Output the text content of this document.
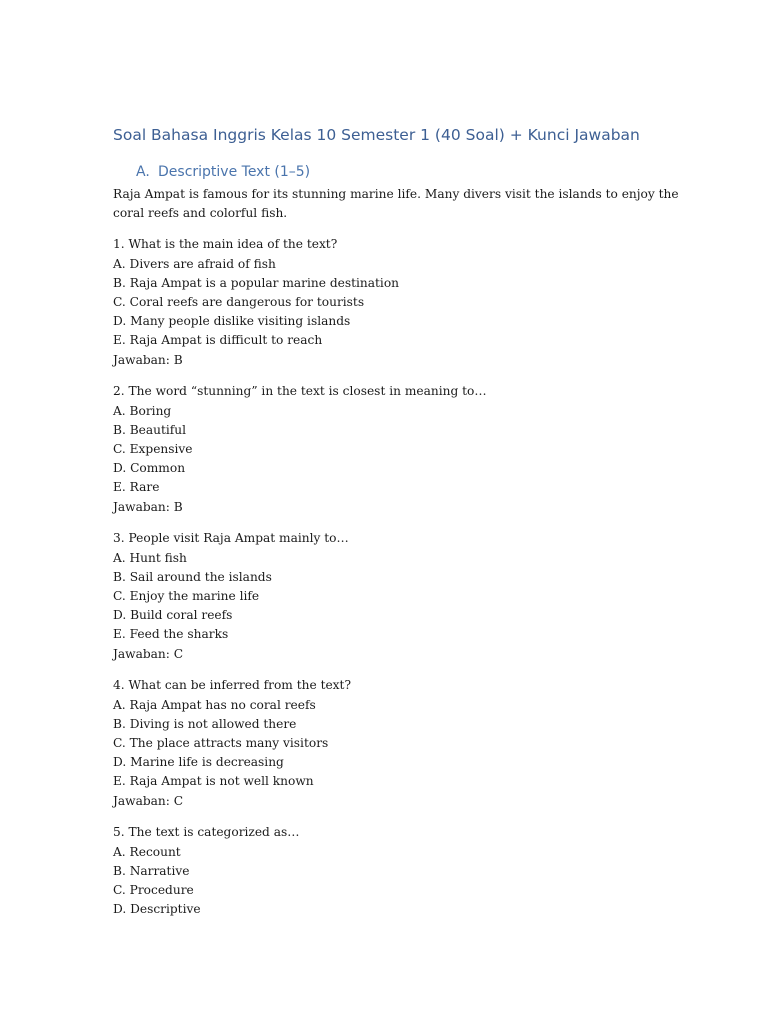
Soal Bahasa Inggris Kelas 10 Semester 1 (40 Soal) + Kunci Jawaban
A. Descriptive Text (1–5)
Raja Ampat is famous for its stunning marine life. Many divers visit the islands to enjoy the
coral reefs and colorful fish.
1. What is the main idea of the text?
A. Divers are afraid of fish
B. Raja Ampat is a popular marine destination
C. Coral reefs are dangerous for tourists
D. Many people dislike visiting islands
E. Raja Ampat is difficult to reach
Jawaban: B
2. The word “stunning” in the text is closest in meaning to…
A. Boring
B. Beautiful
C. Expensive
D. Common
E. Rare
Jawaban: B
3. People visit Raja Ampat mainly to…
A. Hunt fish
B. Sail around the islands
C. Enjoy the marine life
D. Build coral reefs
E. Feed the sharks
Jawaban: C
4. What can be inferred from the text?
A. Raja Ampat has no coral reefs
B. Diving is not allowed there
C. The place attracts many visitors
D. Marine life is decreasing
E. Raja Ampat is not well known
Jawaban: C
5. The text is categorized as…
A. Recount
B. Narrative
C. Procedure
D. Descriptive
